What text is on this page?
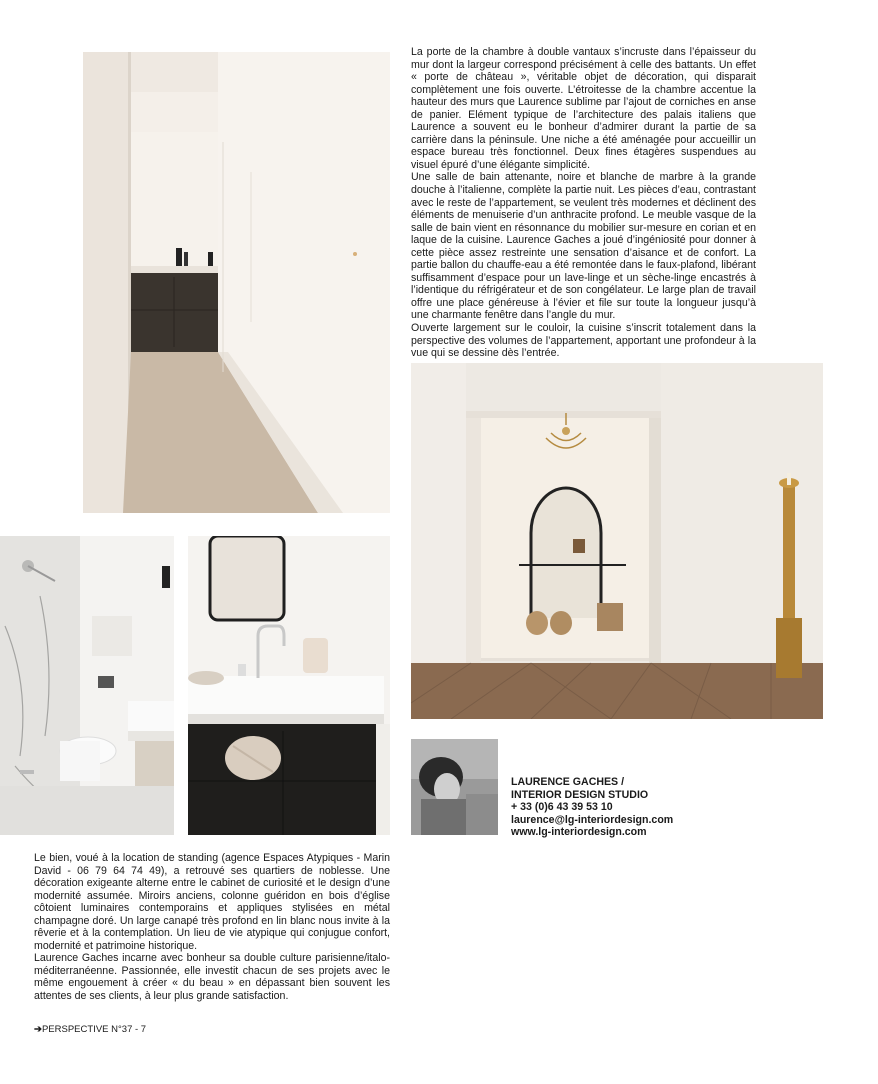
La porte de la chambre à double vantaux s’incruste dans l’épaisseur du mur dont la largeur correspond précisément à celle des battants. Un effet « porte de château », véritable objet de décoration, qui disparait complètement une fois ouverte. L’étroitesse de la chambre accentue la hauteur des murs que Laurence sublime par l’ajout de corniches en anse de panier. Elément typique de l’architecture des palais italiens que Laurence a souvent eu le bonheur d’admirer durant la partie de sa carrière dans la péninsule. Une niche a été aménagée pour accueillir un espace bureau très fonctionnel. Deux fines étagères suspendues au visuel épuré d’une élégante simplicité.

Une salle de bain attenante, noire et blanche de marbre à la grande douche à l’italienne, complète la partie nuit. Les pièces d’eau, contrastant avec le reste de l’appartement, se veulent très modernes et déclinent des éléments de menuiserie d’un anthracite profond. Le meuble vasque de la salle de bain vient en résonnance du mobilier sur-mesure en corian et en laque de la cuisine. Laurence Gaches a joué d’ingéniosité pour donner à cette pièce assez restreinte une sensation d’aisance et de confort. La partie ballon du chauffe-eau a été remontée dans le faux-plafond, libérant suffisamment d’espace pour un lave-linge et un sèche-linge encastrés à l’identique du réfrigérateur et de son congélateur. Le large plan de travail offre une place généreuse à l’évier et file sur toute la longueur jusqu’à une charmante fenêtre dans l’angle du mur.

Ouverte largement sur le couloir, la cuisine s’inscrit totalement dans la perspective des volumes de l’appartement, apportant une profondeur à la vue qui se dessine dès l’entrée.

LAURENCE GACHES /
INTERIOR DESIGN STUDIO
+ 33 (0)6 43 39 53 10
laurence@lg-interiordesign.com
www.lg-interiordesign.com

Le bien, voué à la location de standing (agence Espaces Atypiques - Marin David - 06 79 64 74 49), a retrouvé ses quartiers de noblesse. Une décoration exigeante alterne entre le cabinet de curiosité et le design d’une modernité assumée. Miroirs anciens, colonne guéridon en bois d’église côtoient luminaires contemporains et appliques stylisées en métal champagne doré. Un large canapé très profond en lin blanc nous invite à la rêverie et à la contemplation. Un lieu de vie atypique qui conjugue confort, modernité et patrimoine historique.

Laurence Gaches incarne avec bonheur sa double culture parisienne/italo-méditerranéenne. Passionnée, elle investit chacun de ses projets avec le même engouement à créer « du beau » en dépassant bien souvent les attentes de ses clients, à leur plus grande satisfaction.

➔PERSPECTIVE N°37 - 7
